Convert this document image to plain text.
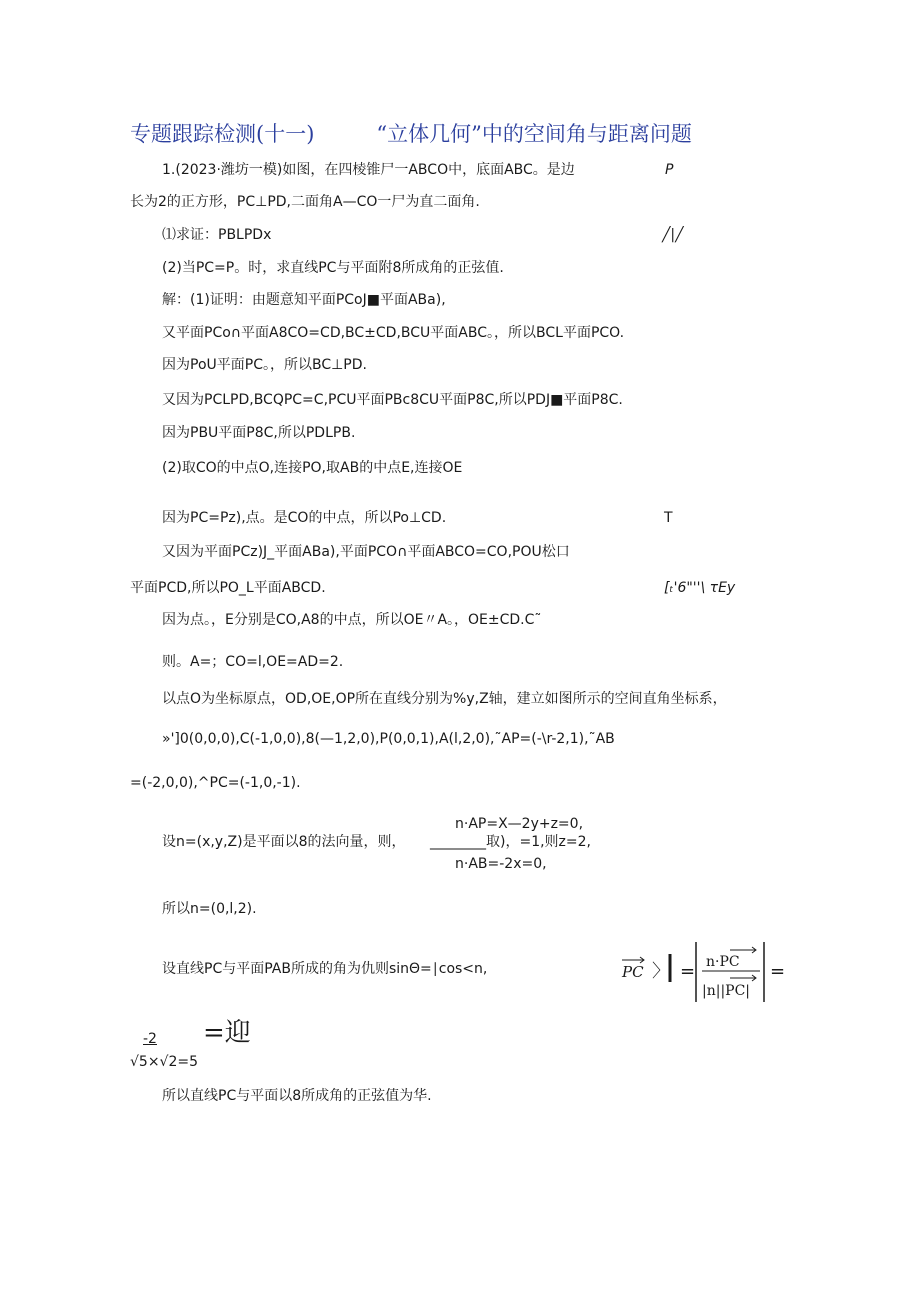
专题跟踪检测(十一)	“立体几何”中的空间角与距离问题
1.(2023·潍坊一模)如图，在四棱锥尸一ABCO中，底面ABC。是边	P
长为2的正方形，PC⊥PD,二面角A—CO一尸为直二面角.
⑴求证：PBLPDx	╱|╱
(2)当PC=P。时，求直线PC与平面附8所成角的正弦值.
解：(1)证明：由题意知平面PCoJ■平面ABa),
又平面PCo∩平面A8CO=CD,BC±CD,BCU平面ABC。，所以BCL平面PCO.
因为PoU平面PC。，所以BC⊥PD.
又因为PCLPD,BCQPC=C,PCU平面PBc8CU平面P8C,所以PDJ■平面P8C.
因为PBU平面P8C,所以PDLPB.
(2)取CO的中点O,连接PO,取AB的中点E,连接OE
因为PC=Pz),点。是CO的中点，所以Po⊥CD.	T
又因为平面PCz)J_平面ABa),平面PCO∩平面ABCO=CO,POU松口
平面PCD,所以PO_L平面ABCD.	[ₜ'6"''\ τEy
因为点。，E分别是CO,A8的中点，所以OE〃A。，OE±CD.C˜
则。A=；CO=l,OE=AD=2.
以点O为坐标原点，OD,OE,OP所在直线分别为%y,Z轴，建立如图所示的空间直角坐标系，
»']0(0,0,0),C(-1,0,0),8(—1,2,0),P(0,0,1),A(l,2,0),˜AP=(-\r-2,1),˜AB
=(-2,0,0),^PC=(-1,0,-1).
设n=(x,y,Z)是平面以8的法向量，则，
n·AP=X—2y+z=0,
________取)，=1,则z=2,
n·AB=-2x=0,
所以n=(0,l,2).
设直线PC与平面PAB所成的角为仇则sinΘ=∣cos<n,	PC 〉 = n·PC
|n||PC|
=
-2 =迎
√5×√2=5
所以直线PC与平面以8所成角的正弦值为华.
